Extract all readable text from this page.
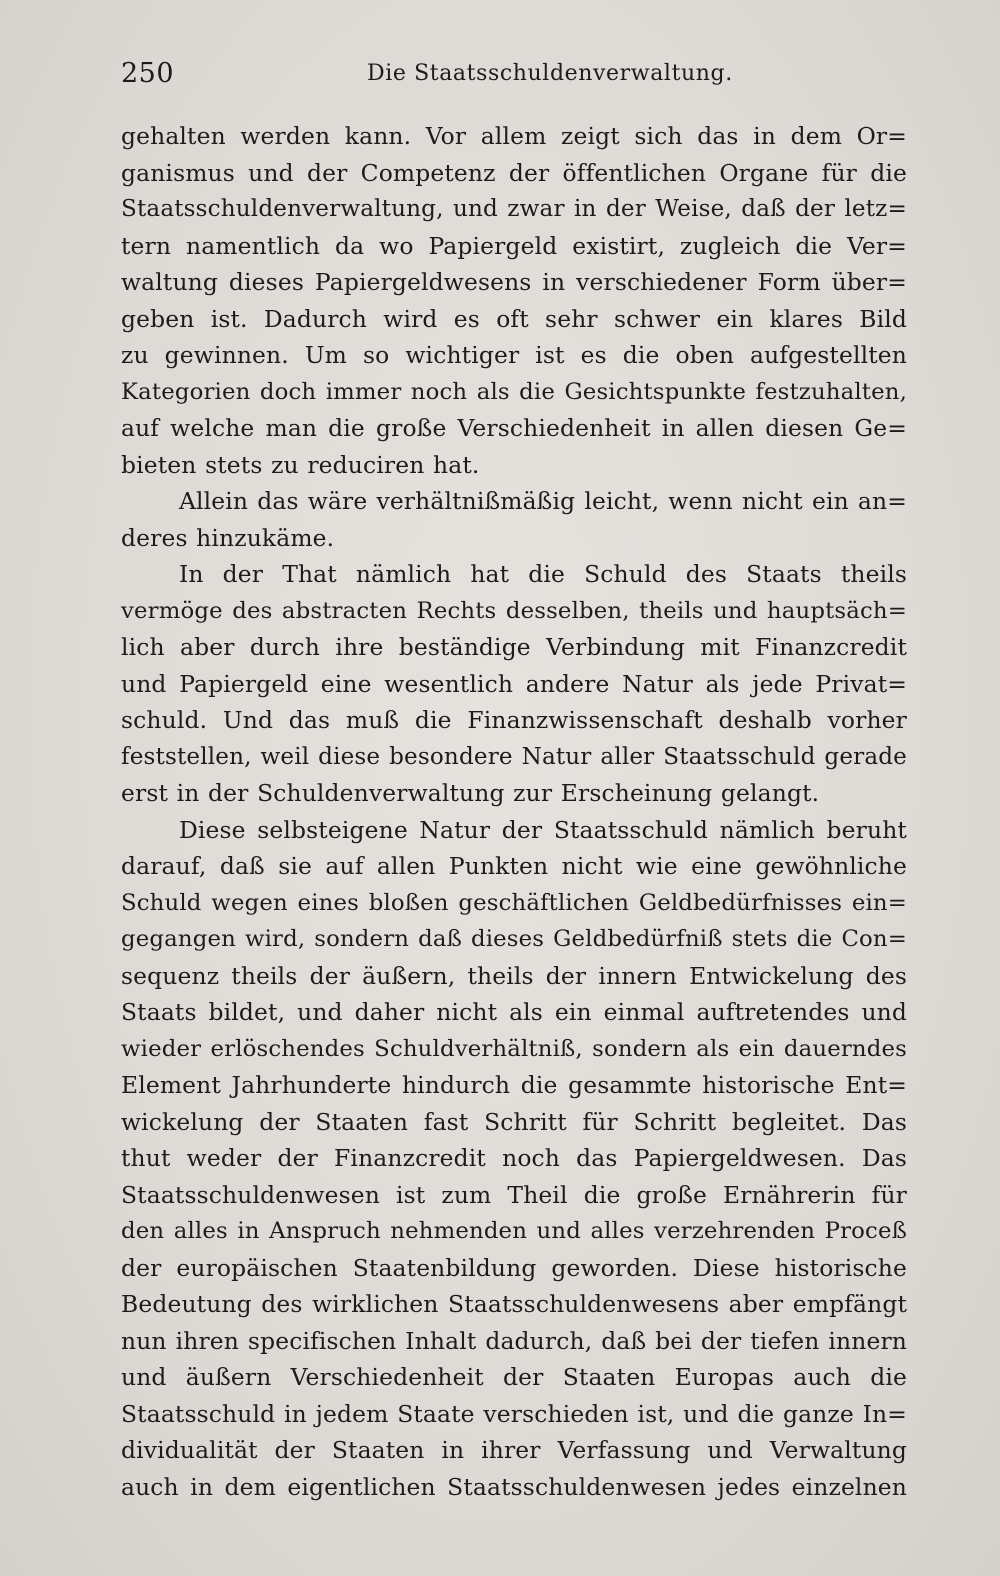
250	Die Staatsschuldenverwaltung.
gehalten werden kann. Vor allem zeigt sich das in dem Or=
ganismus und der Competenz der öffentlichen Organe für die
Staatsschuldenverwaltung, und zwar in der Weise, daß der letz=
tern namentlich da wo Papiergeld existirt, zugleich die Ver=
waltung dieses Papiergeldwesens in verschiedener Form über=
geben ist. Dadurch wird es oft sehr schwer ein klares Bild
zu gewinnen. Um so wichtiger ist es die oben aufgestellten
Kategorien doch immer noch als die Gesichtspunkte festzuhalten,
auf welche man die große Verschiedenheit in allen diesen Ge=
bieten stets zu reduciren hat.
Allein das wäre verhältnißmäßig leicht, wenn nicht ein an=
deres hinzukäme.
In der That nämlich hat die Schuld des Staats theils
vermöge des abstracten Rechts desselben, theils und hauptsäch=
lich aber durch ihre beständige Verbindung mit Finanzcredit
und Papiergeld eine wesentlich andere Natur als jede Privat=
schuld. Und das muß die Finanzwissenschaft deshalb vorher
feststellen, weil diese besondere Natur aller Staatsschuld gerade
erst in der Schuldenverwaltung zur Erscheinung gelangt.
Diese selbsteigene Natur der Staatsschuld nämlich beruht
darauf, daß sie auf allen Punkten nicht wie eine gewöhnliche
Schuld wegen eines bloßen geschäftlichen Geldbedürfnisses ein=
gegangen wird, sondern daß dieses Geldbedürfniß stets die Con=
sequenz theils der äußern, theils der innern Entwickelung des
Staats bildet, und daher nicht als ein einmal auftretendes und
wieder erlöschendes Schuldverhältniß, sondern als ein dauerndes
Element Jahrhunderte hindurch die gesammte historische Ent=
wickelung der Staaten fast Schritt für Schritt begleitet. Das
thut weder der Finanzcredit noch das Papiergeldwesen. Das
Staatsschuldenwesen ist zum Theil die große Ernährerin für
den alles in Anspruch nehmenden und alles verzehrenden Proceß
der europäischen Staatenbildung geworden. Diese historische
Bedeutung des wirklichen Staatsschuldenwesens aber empfängt
nun ihren specifischen Inhalt dadurch, daß bei der tiefen innern
und äußern Verschiedenheit der Staaten Europas auch die
Staatsschuld in jedem Staate verschieden ist, und die ganze In=
dividualität der Staaten in ihrer Verfassung und Verwaltung
auch in dem eigentlichen Staatsschuldenwesen jedes einzelnen
